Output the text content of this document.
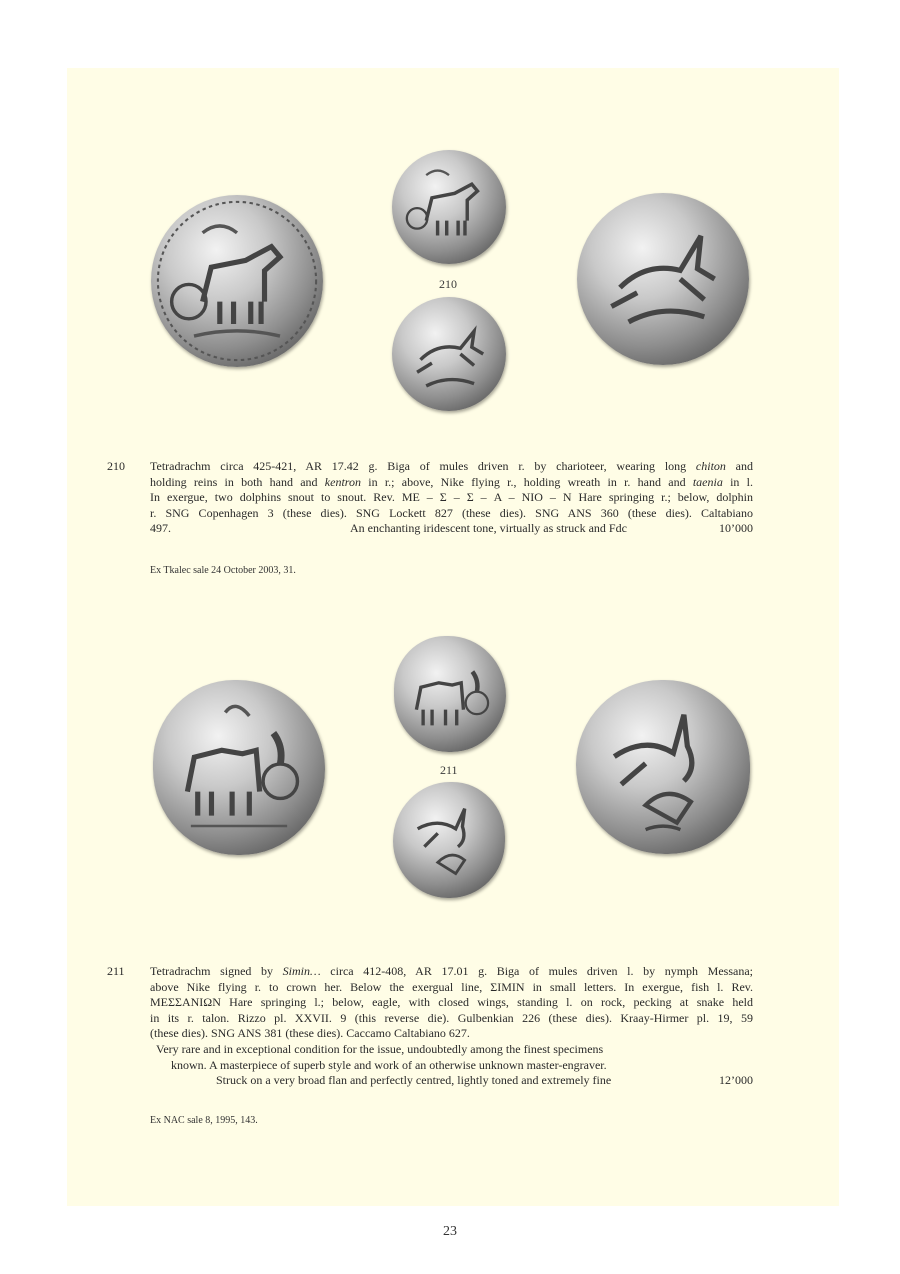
210
210 Tetradrachm circa 425-421, AR 17.42 g. Biga of mules driven r. by charioteer, wearing long chiton and
holding reins in both hand and kentron in r.; above, Nike flying r., holding wreath in r. hand and taenia in l.
In exergue, two dolphins snout to snout. Rev. ME – Σ – Σ – A – NIO – N Hare springing r.; below, dolphin
r. SNG Copenhagen 3 (these dies). SNG Lockett 827 (these dies). SNG ANS 360 (these dies). Caltabiano
497.	An enchanting iridescent tone, virtually as struck and Fdc	10’000
Ex Tkalec sale 24 October 2003, 31.
211
211 Tetradrachm signed by Simin… circa 412-408, AR 17.01 g. Biga of mules driven l. by nymph Messana;
above Nike flying r. to crown her. Below the exergual line, ΣIMIN in small letters. In exergue, fish l. Rev.
ΜΕΣΣΑΝΙΩΝ Hare springing l.; below, eagle, with closed wings, standing l. on rock, pecking at snake held
in its r. talon. Rizzo pl. XXVII. 9 (this reverse die). Gulbenkian 226 (these dies). Kraay-Hirmer pl. 19, 59
(these dies). SNG ANS 381 (these dies). Caccamo Caltabiano 627.
Very rare and in exceptional condition for the issue, undoubtedly among the finest specimens
known. A masterpiece of superb style and work of an otherwise unknown master-engraver.
Struck on a very broad flan and perfectly centred, lightly toned and extremely fine	12’000
Ex NAC sale 8, 1995, 143.
23
